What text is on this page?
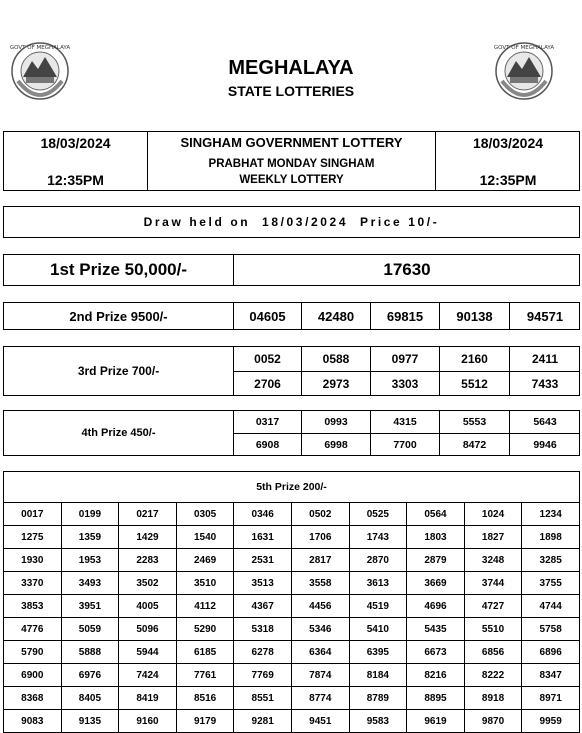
GOVT OF MEGHALAYA	GOVT OF MEGHALAYA
MEGHALAYA
STATE LOTTERIES
18/03/2024
12:35PM
SINGHAM GOVERNMENT LOTTERY
PRABHAT MONDAY SINGHAM
WEEKLY LOTTERY
18/03/2024
12:35PM
Draw held on  18/03/2024  Price 10/-
1st Prize 50,000/-	17630
2nd Prize 9500/-	04605	42480	69815	90138	94571
3rd Prize 700/-
0052	0588	0977	2160	2411
2706	2973	3303	5512	7433
4th Prize 450/-
0317	0993	4315	5553	5643
6908	6998	7700	8472	9946
5th Prize 200/-
0017	0199	0217	0305	0346	0502	0525	0564	1024	1234
1275	1359	1429	1540	1631	1706	1743	1803	1827	1898
1930	1953	2283	2469	2531	2817	2870	2879	3248	3285
3370	3493	3502	3510	3513	3558	3613	3669	3744	3755
3853	3951	4005	4112	4367	4456	4519	4696	4727	4744
4776	5059	5096	5290	5318	5346	5410	5435	5510	5758
5790	5888	5944	6185	6278	6364	6395	6673	6856	6896
6900	6976	7424	7761	7769	7874	8184	8216	8222	8347
8368	8405	8419	8516	8551	8774	8789	8895	8918	8971
9083	9135	9160	9179	9281	9451	9583	9619	9870	9959
